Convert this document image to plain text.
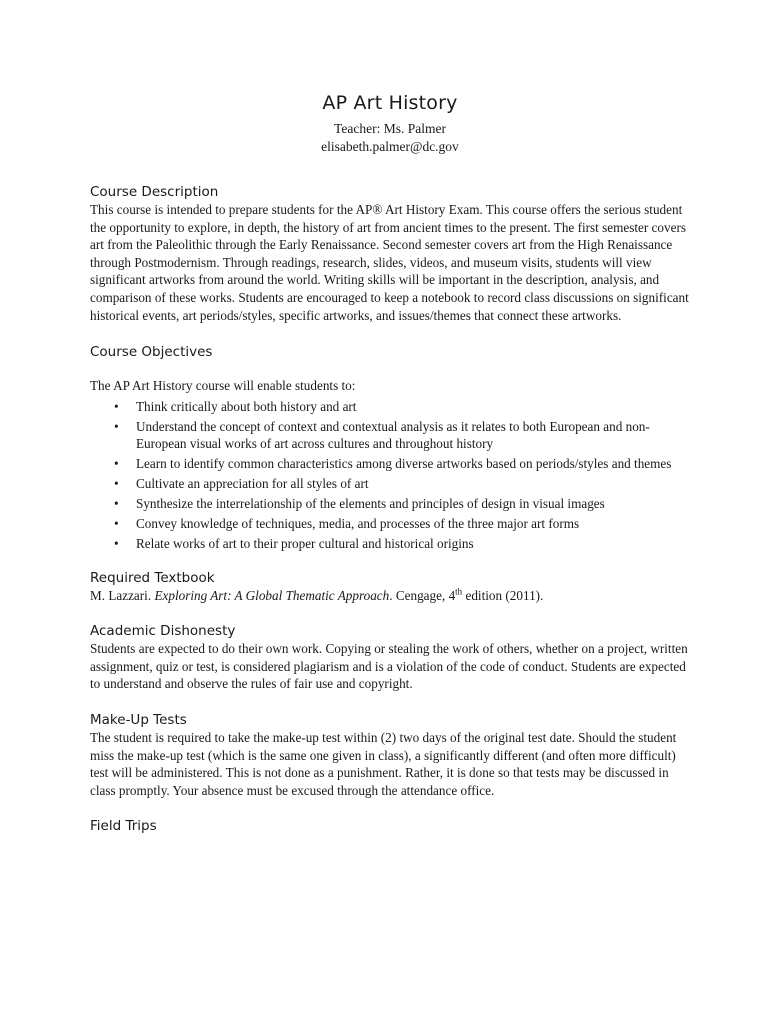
AP Art History
Teacher: Ms. Palmer
elisabeth.palmer@dc.gov
Course Description

This course is intended to prepare students for the AP® Art History Exam. This course offers the serious student the opportunity to explore, in depth, the history of art from ancient times to the present. The first semester covers art from the Paleolithic through the Early Renaissance. Second semester covers art from the High Renaissance through Postmodernism. Through readings, research, slides, videos, and museum visits, students will view significant artworks from around the world. Writing skills will be important in the description, analysis, and comparison of these works. Students are encouraged to keep a notebook to record class discussions on significant historical events, art periods/styles, specific artworks, and issues/themes that connect these artworks.

Course Objectives

The AP Art History course will enable students to:

• Think critically about both history and art
• Understand the concept of context and contextual analysis as it relates to both European and non-European visual works of art across cultures and throughout history
• Learn to identify common characteristics among diverse artworks based on periods/styles and themes
• Cultivate an appreciation for all styles of art
• Synthesize the interrelationship of the elements and principles of design in visual images
• Convey knowledge of techniques, media, and processes of the three major art forms
• Relate works of art to their proper cultural and historical origins
Required Textbook

M. Lazzari. Exploring Art: A Global Thematic Approach. Cengage, 4th edition (2011).

Academic Dishonesty

Students are expected to do their own work. Copying or stealing the work of others, whether on a project, written assignment, quiz or test, is considered plagiarism and is a violation of the code of conduct. Students are expected to understand and observe the rules of fair use and copyright.

Make-Up Tests

The student is required to take the make-up test within (2) two days of the original test date. Should the student miss the make-up test (which is the same one given in class), a significantly different (and often more difficult) test will be administered. This is not done as a punishment. Rather, it is done so that tests may be discussed in class promptly. Your absence must be excused through the attendance office.

Field Trips
